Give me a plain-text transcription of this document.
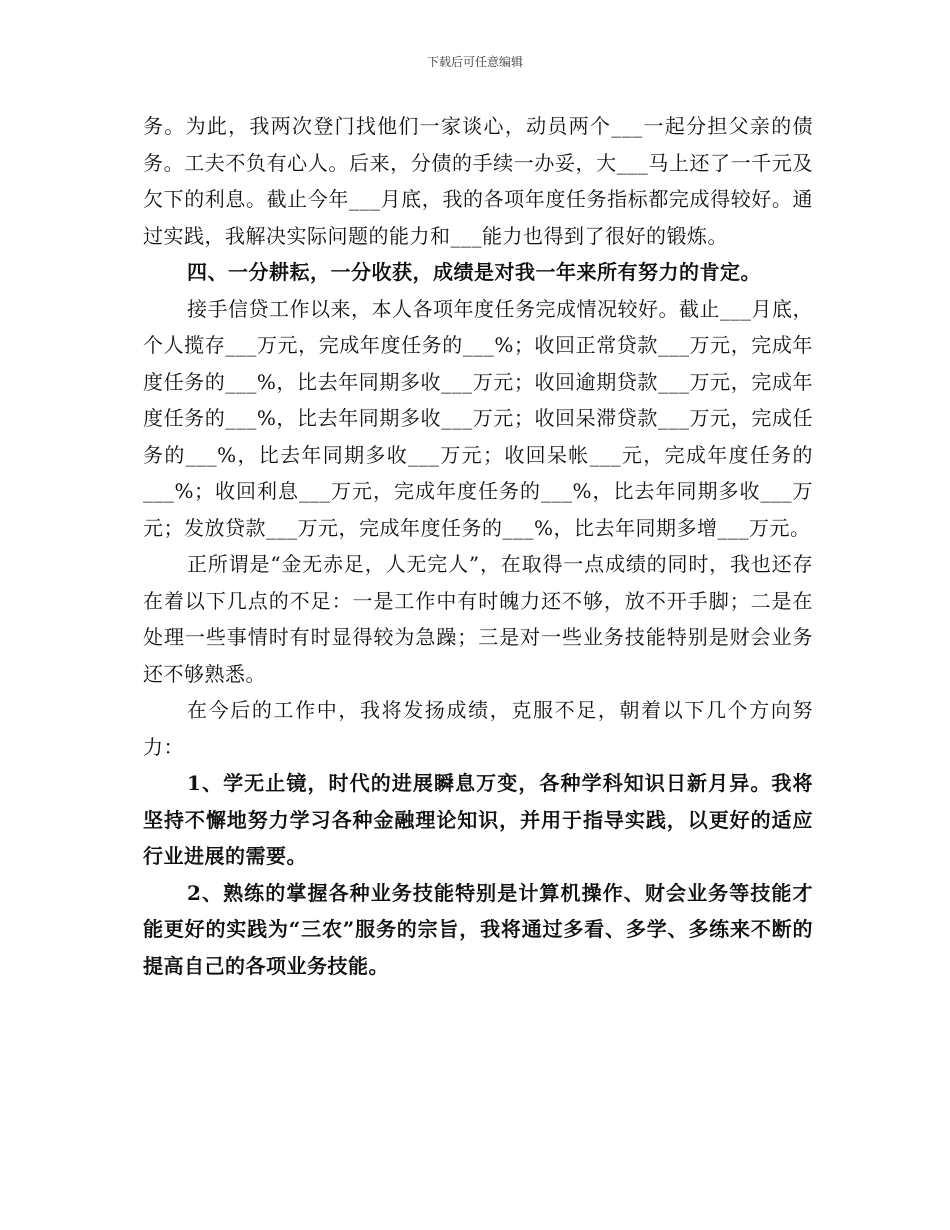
下载后可任意编辑

务。为此，我两次登门找他们一家谈心，动员两个___一起分担父亲的债务。工夫不负有心人。后来，分债的手续一办妥，大___马上还了一千元及欠下的利息。截止今年___月底，我的各项年度任务指标都完成得较好。通过实践，我解决实际问题的能力和___能力也得到了很好的锻炼。

四、一分耕耘，一分收获，成绩是对我一年来所有努力的肯定。

接手信贷工作以来，本人各项年度任务完成情况较好。截止___月底，个人揽存___万元，完成年度任务的___%；收回正常贷款___万元，完成年度任务的___%，比去年同期多收___万元；收回逾期贷款___万元，完成年度任务的___%，比去年同期多收___万元；收回呆滞贷款___万元，完成任务的___%，比去年同期多收___万元；收回呆帐___元，完成年度任务的___%；收回利息___万元，完成年度任务的___%，比去年同期多收___万元；发放贷款___万元，完成年度任务的___%，比去年同期多增___万元。

正所谓是“金无赤足，人无完人”，在取得一点成绩的同时，我也还存在着以下几点的不足：一是工作中有时魄力还不够，放不开手脚；二是在处理一些事情时有时显得较为急躁；三是对一些业务技能特别是财会业务还不够熟悉。

在今后的工作中，我将发扬成绩，克服不足，朝着以下几个方向努力：

1、学无止镜，时代的进展瞬息万变，各种学科知识日新月异。我将坚持不懈地努力学习各种金融理论知识，并用于指导实践，以更好的适应行业进展的需要。

2、熟练的掌握各种业务技能特别是计算机操作、财会业务等技能才能更好的实践为“三农”服务的宗旨，我将通过多看、多学、多练来不断的提高自己的各项业务技能。
